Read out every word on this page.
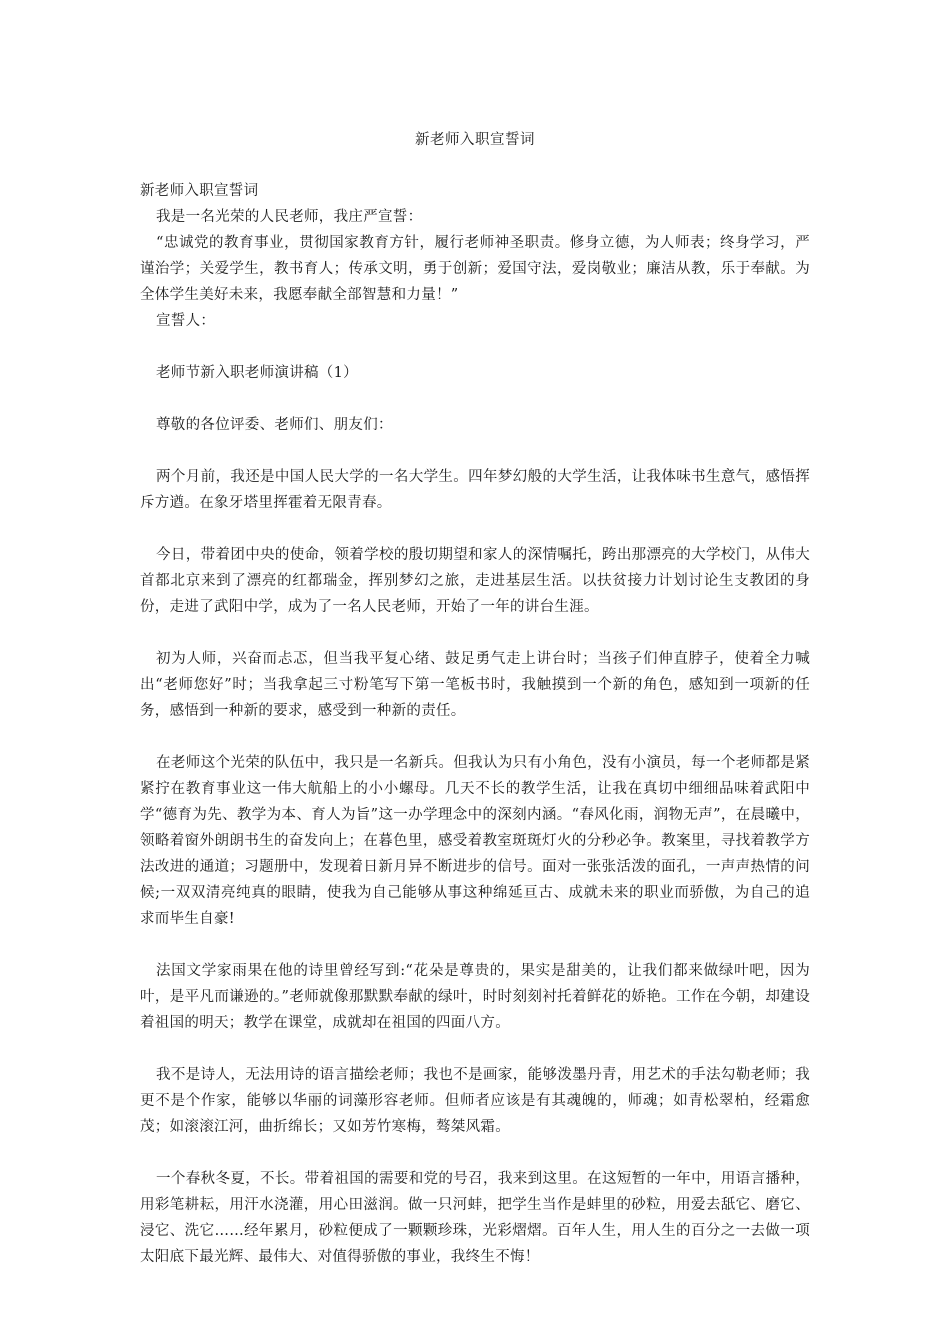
新老师入职宣誓词

新老师入职宣誓词

我是一名光荣的人民老师，我庄严宣誓：

“忠诚党的教育事业，贯彻国家教育方针，履行老师神圣职责。修身立德，为人师表；终身学习，严谨治学；关爱学生，教书育人；传承文明，勇于创新；爱国守法，爱岗敬业；廉洁从教，乐于奉献。为全体学生美好未来，我愿奉献全部智慧和力量！”

宣誓人：

老师节新入职老师演讲稿（1）

尊敬的各位评委、老师们、朋友们：

两个月前，我还是中国人民大学的一名大学生。四年梦幻般的大学生活，让我体味书生意气，感悟挥斥方遒。在象牙塔里挥霍着无限青春。

今日，带着团中央的使命，领着学校的殷切期望和家人的深情嘱托，跨出那漂亮的大学校门，从伟大首都北京来到了漂亮的红都瑞金，挥别梦幻之旅，走进基层生活。以扶贫接力计划讨论生支教团的身份，走进了武阳中学，成为了一名人民老师，开始了一年的讲台生涯。

初为人师，兴奋而忐忑，但当我平复心绪、鼓足勇气走上讲台时；当孩子们伸直脖子，使着全力喊出“老师您好”时；当我拿起三寸粉笔写下第一笔板书时，我触摸到一个新的角色，感知到一项新的任务，感悟到一种新的要求，感受到一种新的责任。

在老师这个光荣的队伍中，我只是一名新兵。但我认为只有小角色，没有小演员，每一个老师都是紧紧拧在教育事业这一伟大航船上的小小螺母。几天不长的教学生活，让我在真切中细细品味着武阳中学“德育为先、教学为本、育人为旨”这一办学理念中的深刻内涵。“春风化雨，润物无声”，在晨曦中，领略着窗外朗朗书生的奋发向上；在暮色里，感受着教室斑斑灯火的分秒必争。教案里，寻找着教学方法改进的通道；习题册中，发现着日新月异不断进步的信号。面对一张张活泼的面孔，一声声热情的问候;一双双清亮纯真的眼睛，使我为自己能够从事这种绵延亘古、成就未来的职业而骄傲，为自己的追求而毕生自豪!

法国文学家雨果在他的诗里曾经写到:“花朵是尊贵的，果实是甜美的，让我们都来做绿叶吧，因为叶，是平凡而谦逊的。”老师就像那默默奉献的绿叶，时时刻刻衬托着鲜花的娇艳。工作在今朝，却建设着祖国的明天；教学在课堂，成就却在祖国的四面八方。

我不是诗人，无法用诗的语言描绘老师；我也不是画家，能够泼墨丹青，用艺术的手法勾勒老师；我更不是个作家，能够以华丽的词藻形容老师。但师者应该是有其魂魄的，师魂；如青松翠柏，经霜愈茂；如滚滚江河，曲折绵长；又如芳竹寒梅，骜桀风霜。

一个春秋冬夏，不长。带着祖国的需要和党的号召，我来到这里。在这短暂的一年中，用语言播种，用彩笔耕耘，用汗水浇灌，用心田滋润。做一只河蚌，把学生当作是蚌里的砂粒，用爱去舐它、磨它、浸它、洗它……经年累月，砂粒便成了一颗颗珍珠，光彩熠熠。百年人生，用人生的百分之一去做一项太阳底下最光辉、最伟大、对值得骄傲的事业，我终生不悔！
